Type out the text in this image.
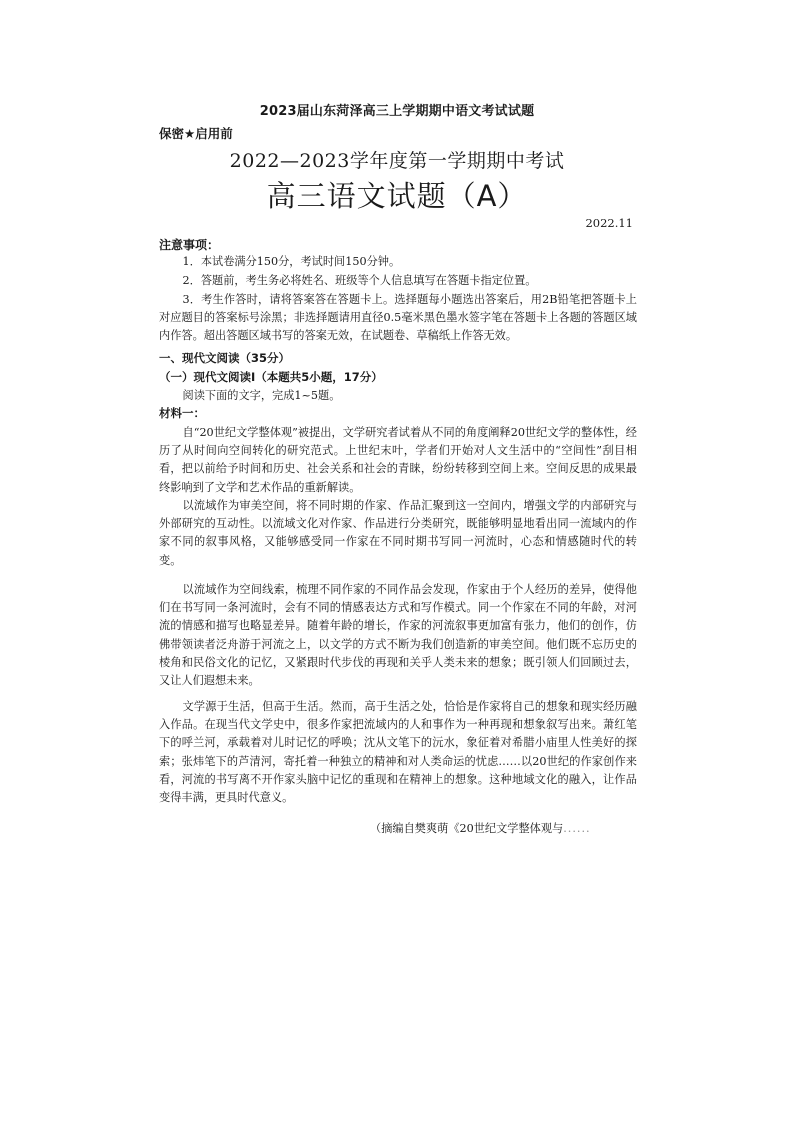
2023届山东菏泽高三上学期期中语文考试试题
保密★启用前
2022—2023学年度第一学期期中考试
高三语文试题（A）
2022.11
注意事项：
1．本试卷满分150分，考试时间150分钟。
2．答题前，考生务必将姓名、班级等个人信息填写在答题卡指定位置。
3．考生作答时，请将答案答在答题卡上。选择题每小题选出答案后，用2B铅笔把答题卡上对应题目的答案标号涂黑；非选择题请用直径0.5毫米黑色墨水签字笔在答题卡上各题的答题区域内作答。超出答题区域书写的答案无效，在试题卷、草稿纸上作答无效。
一、现代文阅读（35分）
（一）现代文阅读Ⅰ（本题共5小题，17分）
阅读下面的文字，完成1~5题。
材料一：
自“20世纪文学整体观”被提出，文学研究者试着从不同的角度阐释20世纪文学的整体性，经历了从时间向空间转化的研究范式。上世纪末叶，学者们开始对人文生活中的“空间性”刮目相看，把以前给予时间和历史、社会关系和社会的青睐，纷纷转移到空间上来。空间反思的成果最终影响到了文学和艺术作品的重新解读。
以流域作为审美空间，将不同时期的作家、作品汇聚到这一空间内，增强文学的内部研究与外部研究的互动性。以流域文化对作家、作品进行分类研究，既能够明显地看出同一流域内的作家不同的叙事风格，又能够感受同一作家在不同时期书写同一河流时，心态和情感随时代的转变。
以流域作为空间线索，梳理不同作家的不同作品会发现，作家由于个人经历的差异，使得他们在书写同一条河流时，会有不同的情感表达方式和写作模式。同一个作家在不同的年龄，对河流的情感和描写也略显差异。随着年龄的增长，作家的河流叙事更加富有张力，他们的创作，仿佛带领读者泛舟游于河流之上，以文学的方式不断为我们创造新的审美空间。他们既不忘历史的棱角和民俗文化的记忆，又紧跟时代步伐的再现和关乎人类未来的想象；既引领人们回顾过去，又让人们遐想未来。
文学源于生活，但高于生活。然而，高于生活之处，恰恰是作家将自己的想象和现实经历融入作品。在现当代文学史中，很多作家把流域内的人和事作为一种再现和想象叙写出来。萧红笔下的呼兰河，承载着对儿时记忆的呼唤；沈从文笔下的沅水，象征着对希腊小庙里人性美好的探索；张炜笔下的芦清河，寄托着一种独立的精神和对人类命运的忧虑……以20世纪的作家创作来看，河流的书写离不开作家头脑中记忆的重现和在精神上的想象。这种地域文化的融入，让作品变得丰满，更具时代意义。
（摘编自樊爽萌《20世纪文学整体观与......
